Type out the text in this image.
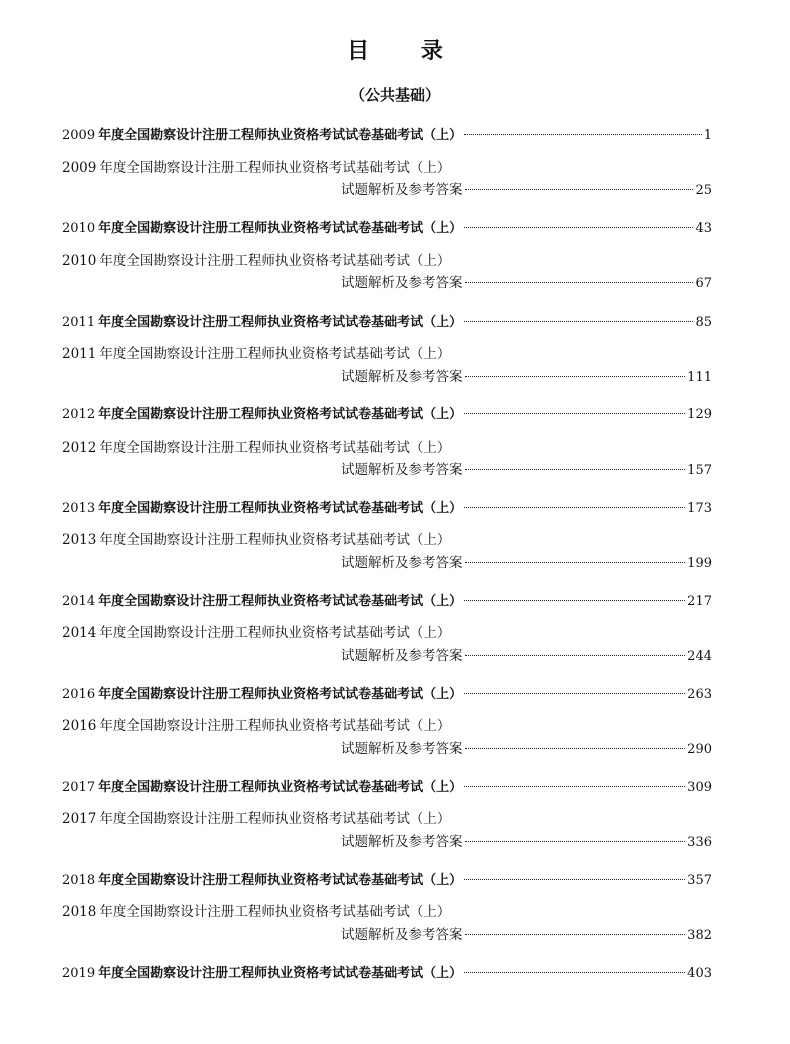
目 录
（公共基础）
2009 年度全国勘察设计注册工程师执业资格考试试卷基础考试（上）	1
2009 年度全国勘察设计注册工程师执业资格考试基础考试（上）
试题解析及参考答案	25
2010 年度全国勘察设计注册工程师执业资格考试试卷基础考试（上）	43
2010 年度全国勘察设计注册工程师执业资格考试基础考试（上）
试题解析及参考答案	67
2011 年度全国勘察设计注册工程师执业资格考试试卷基础考试（上）	85
2011 年度全国勘察设计注册工程师执业资格考试基础考试（上）
试题解析及参考答案	111
2012 年度全国勘察设计注册工程师执业资格考试试卷基础考试（上）	129
2012 年度全国勘察设计注册工程师执业资格考试基础考试（上）
试题解析及参考答案	157
2013 年度全国勘察设计注册工程师执业资格考试试卷基础考试（上）	173
2013 年度全国勘察设计注册工程师执业资格考试基础考试（上）
试题解析及参考答案	199
2014 年度全国勘察设计注册工程师执业资格考试试卷基础考试（上）	217
2014 年度全国勘察设计注册工程师执业资格考试基础考试（上）
试题解析及参考答案	244
2016 年度全国勘察设计注册工程师执业资格考试试卷基础考试（上）	263
2016 年度全国勘察设计注册工程师执业资格考试基础考试（上）
试题解析及参考答案	290
2017 年度全国勘察设计注册工程师执业资格考试试卷基础考试（上）	309
2017 年度全国勘察设计注册工程师执业资格考试基础考试（上）
试题解析及参考答案	336
2018 年度全国勘察设计注册工程师执业资格考试试卷基础考试（上）	357
2018 年度全国勘察设计注册工程师执业资格考试基础考试（上）
试题解析及参考答案	382
2019 年度全国勘察设计注册工程师执业资格考试试卷基础考试（上）	403
